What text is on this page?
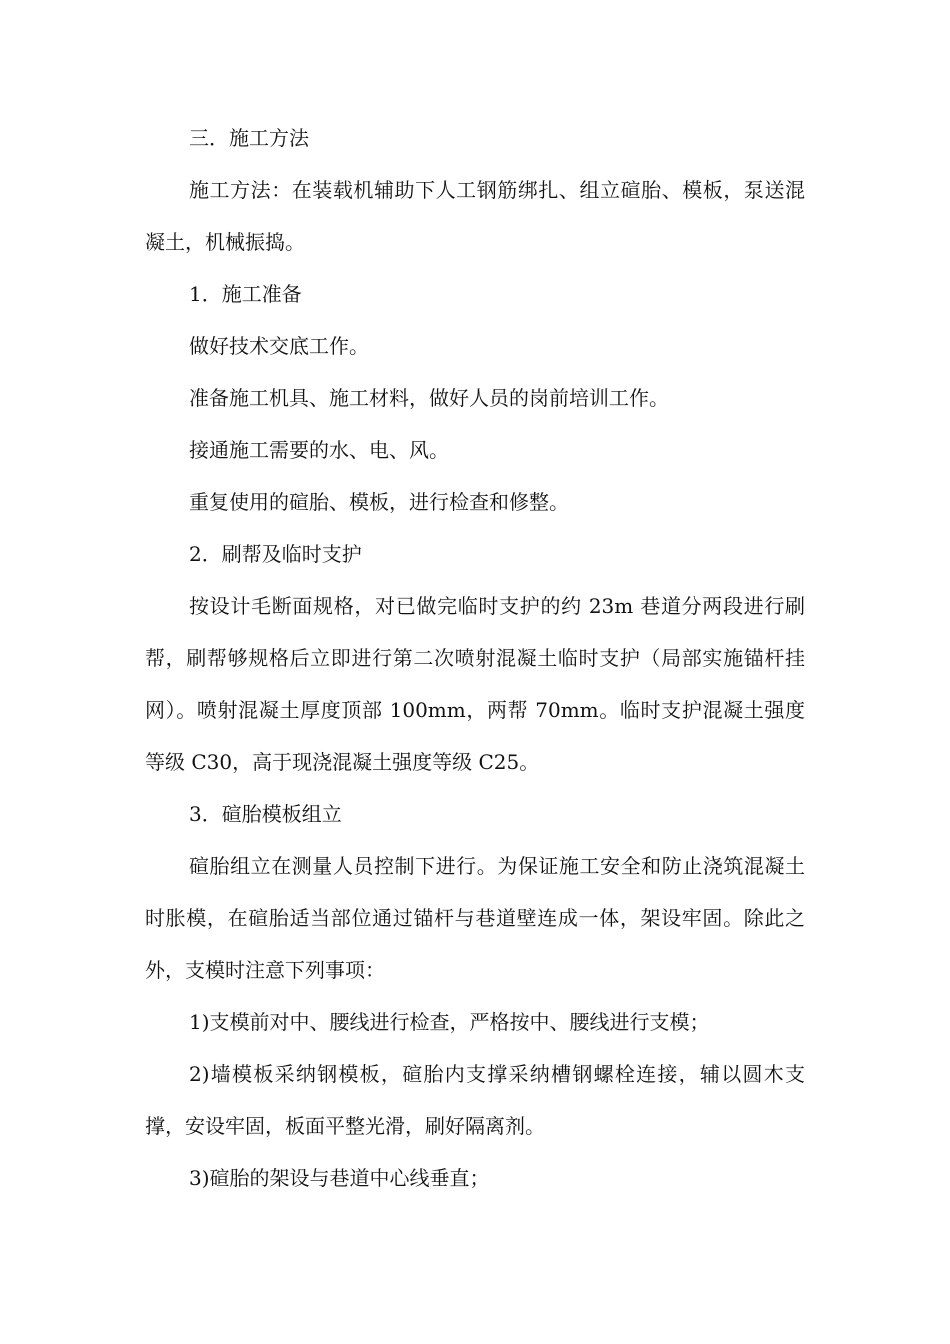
三．施工方法

施工方法：在装载机辅助下人工钢筋绑扎、组立碹胎、模板，泵送混凝土，机械振捣。

1．施工准备

做好技术交底工作。

准备施工机具、施工材料，做好人员的岗前培训工作。

接通施工需要的水、电、风。

重复使用的碹胎、模板，进行检查和修整。

2．刷帮及临时支护

按设计毛断面规格，对已做完临时支护的约 23m 巷道分两段进行刷帮，刷帮够规格后立即进行第二次喷射混凝土临时支护（局部实施锚杆挂网）。喷射混凝土厚度顶部 100mm，两帮 70mm。临时支护混凝土强度等级 C30，高于现浇混凝土强度等级 C25。

3．碹胎模板组立

碹胎组立在测量人员控制下进行。为保证施工安全和防止浇筑混凝土时胀模，在碹胎适当部位通过锚杆与巷道壁连成一体，架设牢固。除此之外，支模时注意下列事项：

1)支模前对中、腰线进行检查，严格按中、腰线进行支模；

2)墙模板采纳钢模板，碹胎内支撑采纳槽钢螺栓连接，辅以圆木支撑，安设牢固，板面平整光滑，刷好隔离剂。

3)碹胎的架设与巷道中心线垂直；
